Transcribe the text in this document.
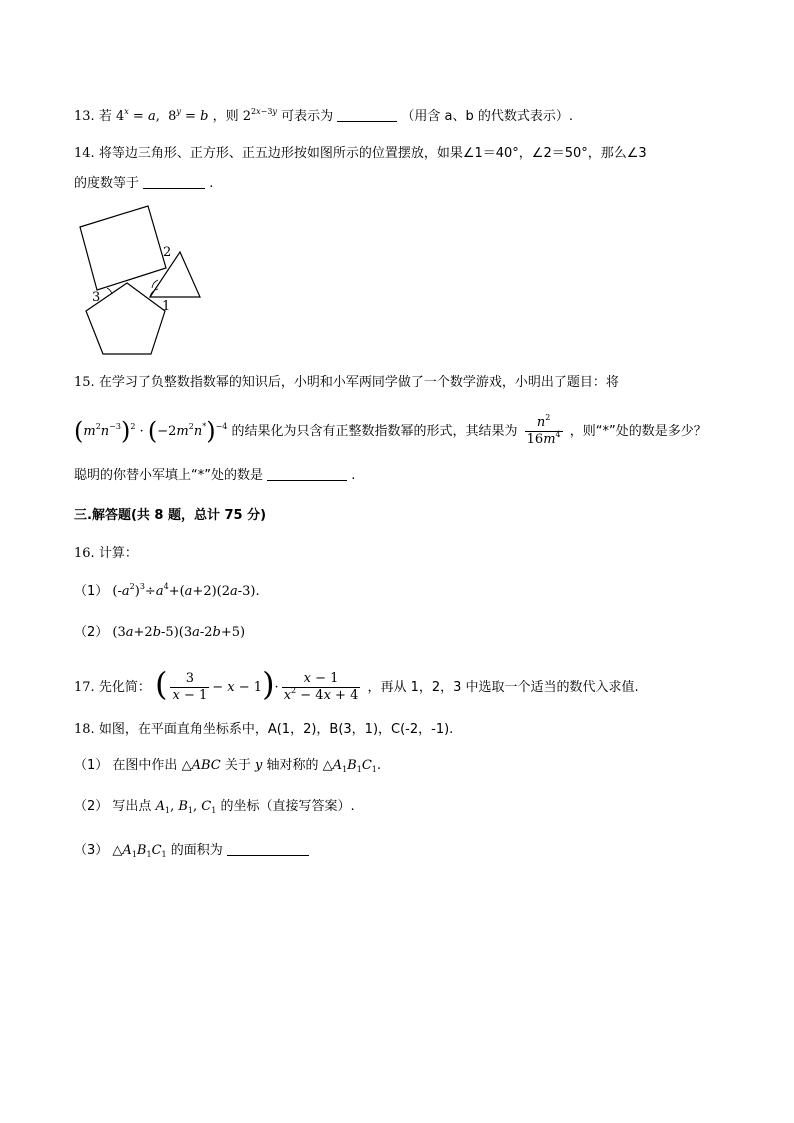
13. 若 $4^x = a$,  $8^y = b$ ，则 $2^{2x-3y}$ 可表示为	（用含 a、b 的代数式表示）.
14. 将等边三角形、正方形、正五边形按如图所示的位置摆放，如果∠1＝40°，∠2＝50°，那么∠3
的度数等于	.
2
1
3
15. 在学习了负整数指数幂的知识后，小明和小军两同学做了一个数学游戏，小明出了题目：将
$(m^2n^{-3})^2 \cdot (-2m^2n^*)^{-4}$ 的结果化为只含有正整数指数幂的形式，其结果为 $\frac{n^2}{16m^4}$ ，则“*”处的数是多少？
聪明的你替小军填上“*”处的数是	.
三.解答题(共 8 题，总计 75 分)
16. 计算：
（1） $(-a^2)^3\div a^4+(a+2)(2a-3)$.
（2） (3a+2b-5)(3a-2b+5)
17. 先化简： ( $\frac{3}{x - 1} - x - 1)\cdot \frac{x - 1}{x^2 - 4x + 4}$ ，再从 1，2，3 中选取一个适当的数代入求值.
18. 如图，在平面直角坐标系中，A(1，2)，B(3，1)，C(-2，-1).
（1） 在图中作出 △ABC 关于 y 轴对称的 $\triangle A_1B_1C_1$.
（2） 写出点 $A_1$, $B_1$, $C_1$ 的坐标（直接写答案）.
（3） $\triangle A_1B_1C_1$ 的面积为
